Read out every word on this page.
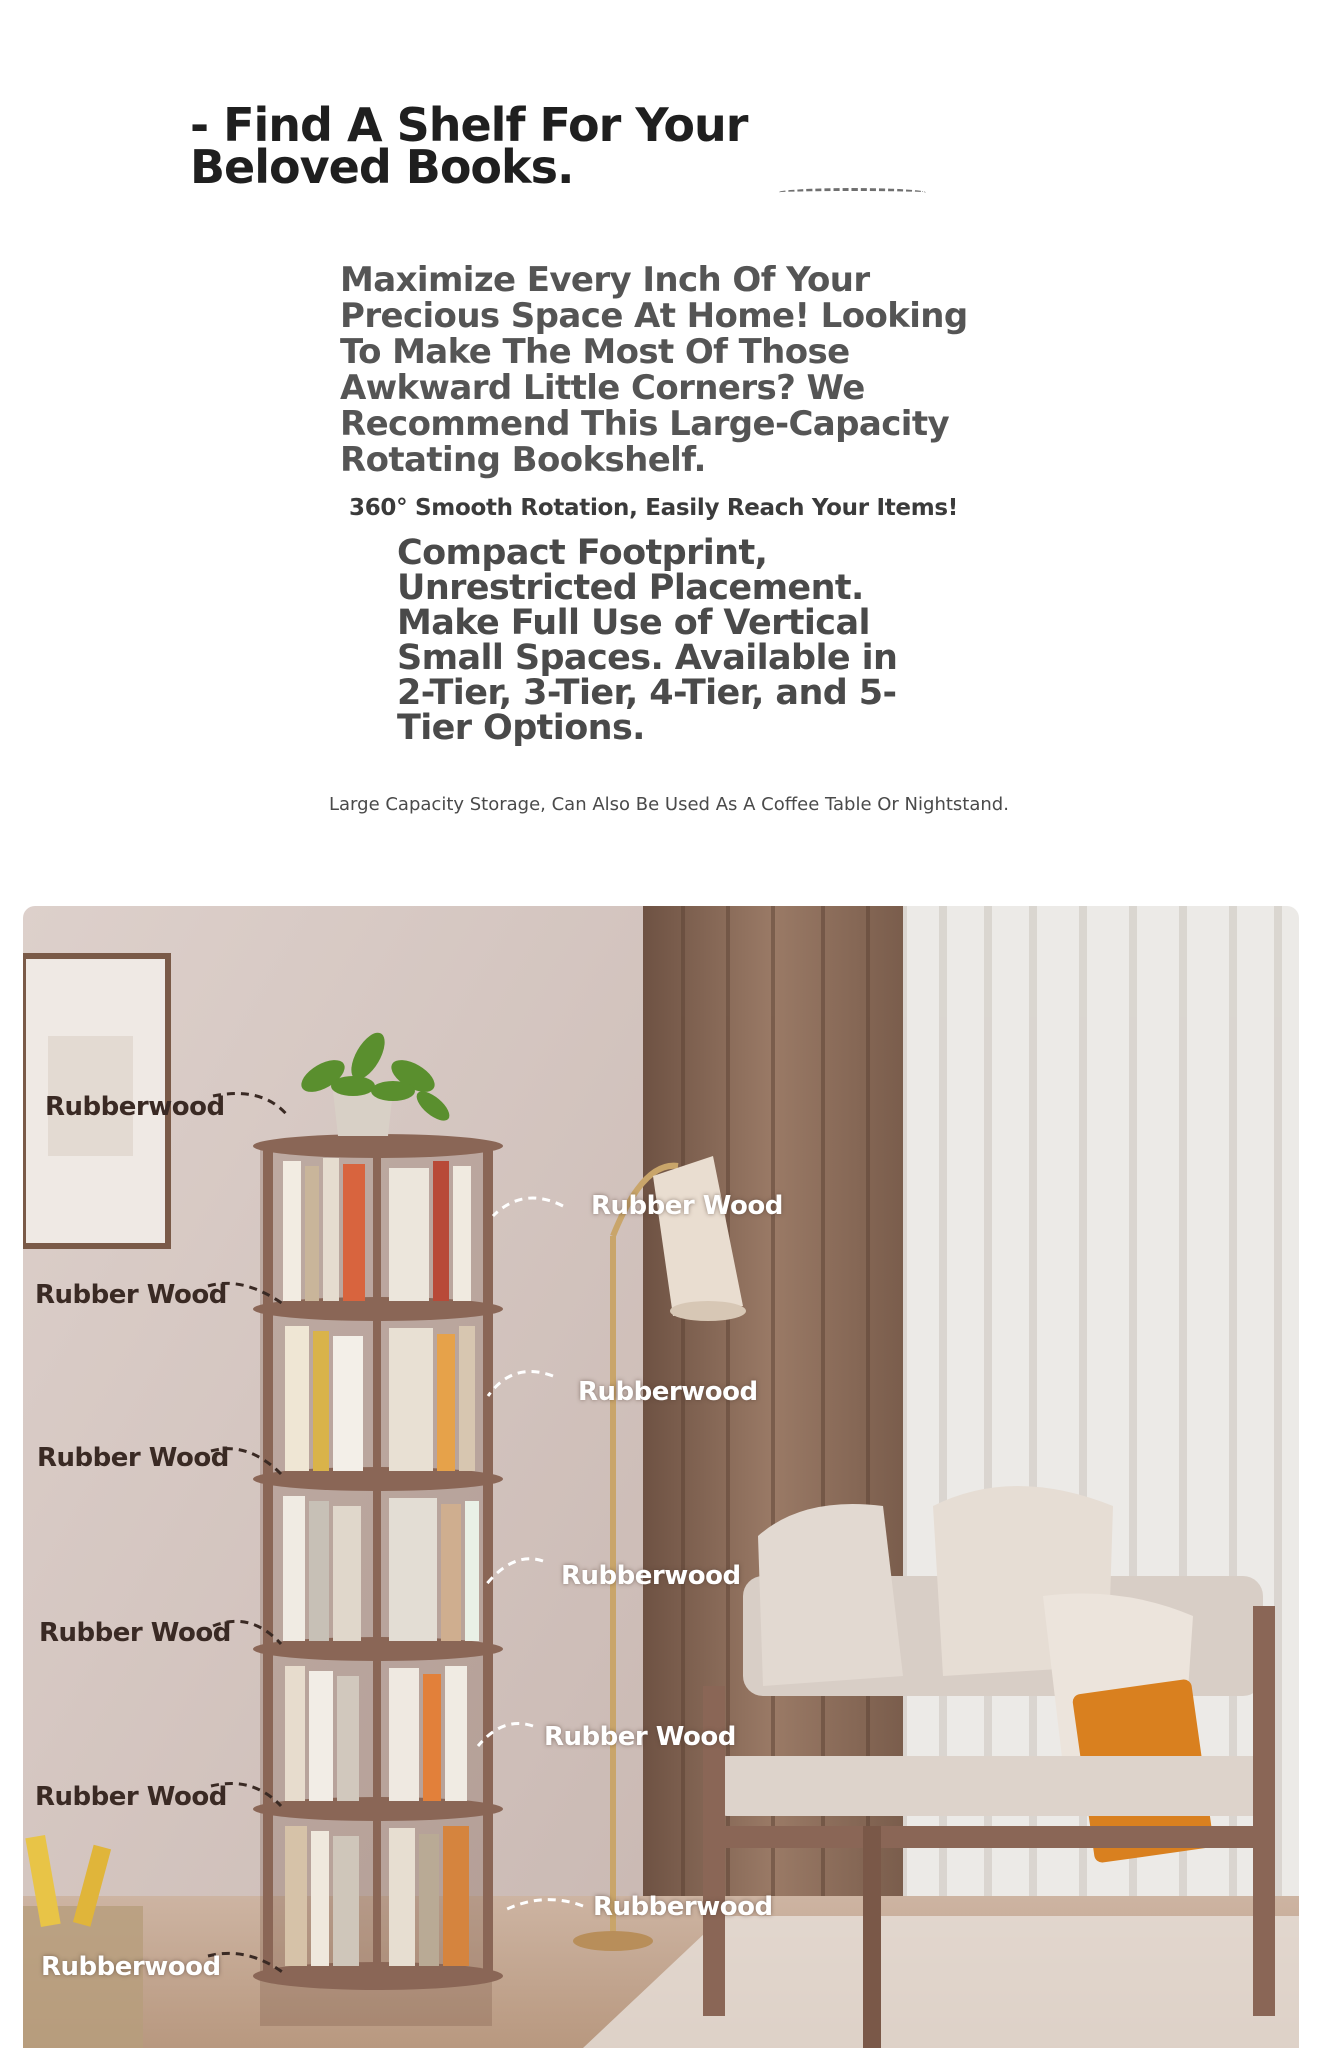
- Find A Shelf For Your Beloved Books.

Maximize Every Inch Of Your Precious Space At Home! Looking To Make The Most Of Those Awkward Little Corners? We Recommend This Large-Capacity Rotating Bookshelf.

360° Smooth Rotation, Easily Reach Your Items!

Compact Footprint, Unrestricted Placement. Make Full Use of Vertical Small Spaces. Available in 2-Tier, 3-Tier, 4-Tier, and 5-Tier Options.

Large Capacity Storage, Can Also Be Used As A Coffee Table Or Nightstand.

Rubberwood
Rubber Wood
Rubber Wood
Rubber Wood
Rubber Wood
Rubberwood
Rubber Wood
Rubberwood
Rubberwood
Rubber Wood
Rubberwood
